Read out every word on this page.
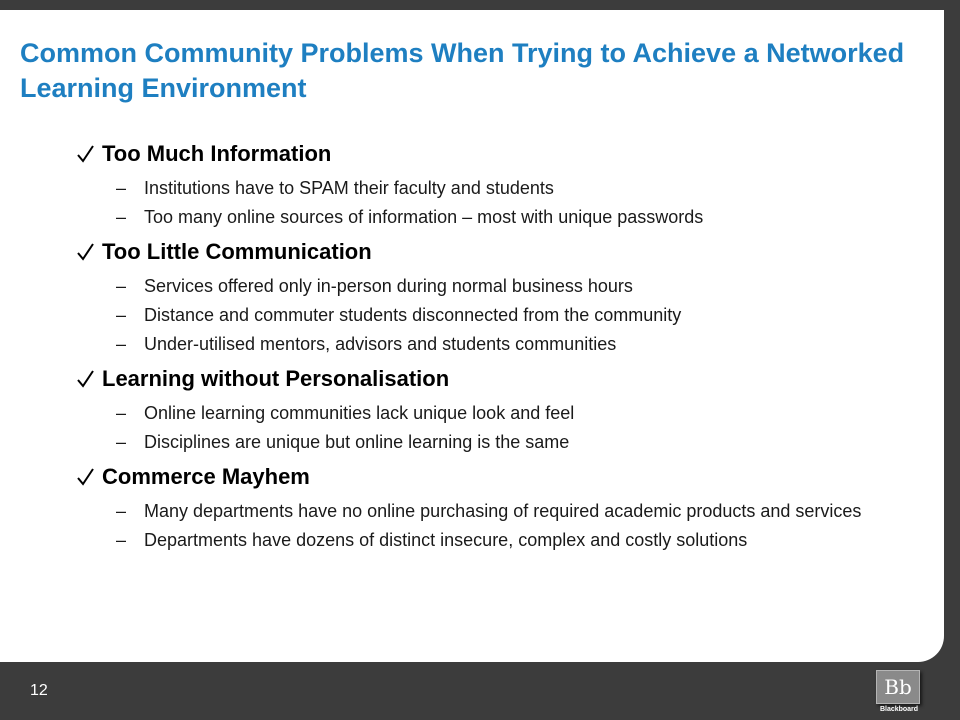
Common Community Problems When Trying to Achieve a Networked Learning Environment
Too Much Information
– Institutions have to SPAM their faculty and students
– Too many online sources of information – most with unique passwords
Too Little Communication
– Services offered only in-person during normal business hours
– Distance and commuter students disconnected from the community
– Under-utilised mentors, advisors and students communities
Learning without Personalisation
– Online learning communities lack unique look and feel
– Disciplines are unique but online learning is the same
Commerce Mayhem
– Many departments have no online purchasing of required academic products and services
– Departments have dozens of distinct insecure, complex and costly solutions
12	Bb
Blackboard
